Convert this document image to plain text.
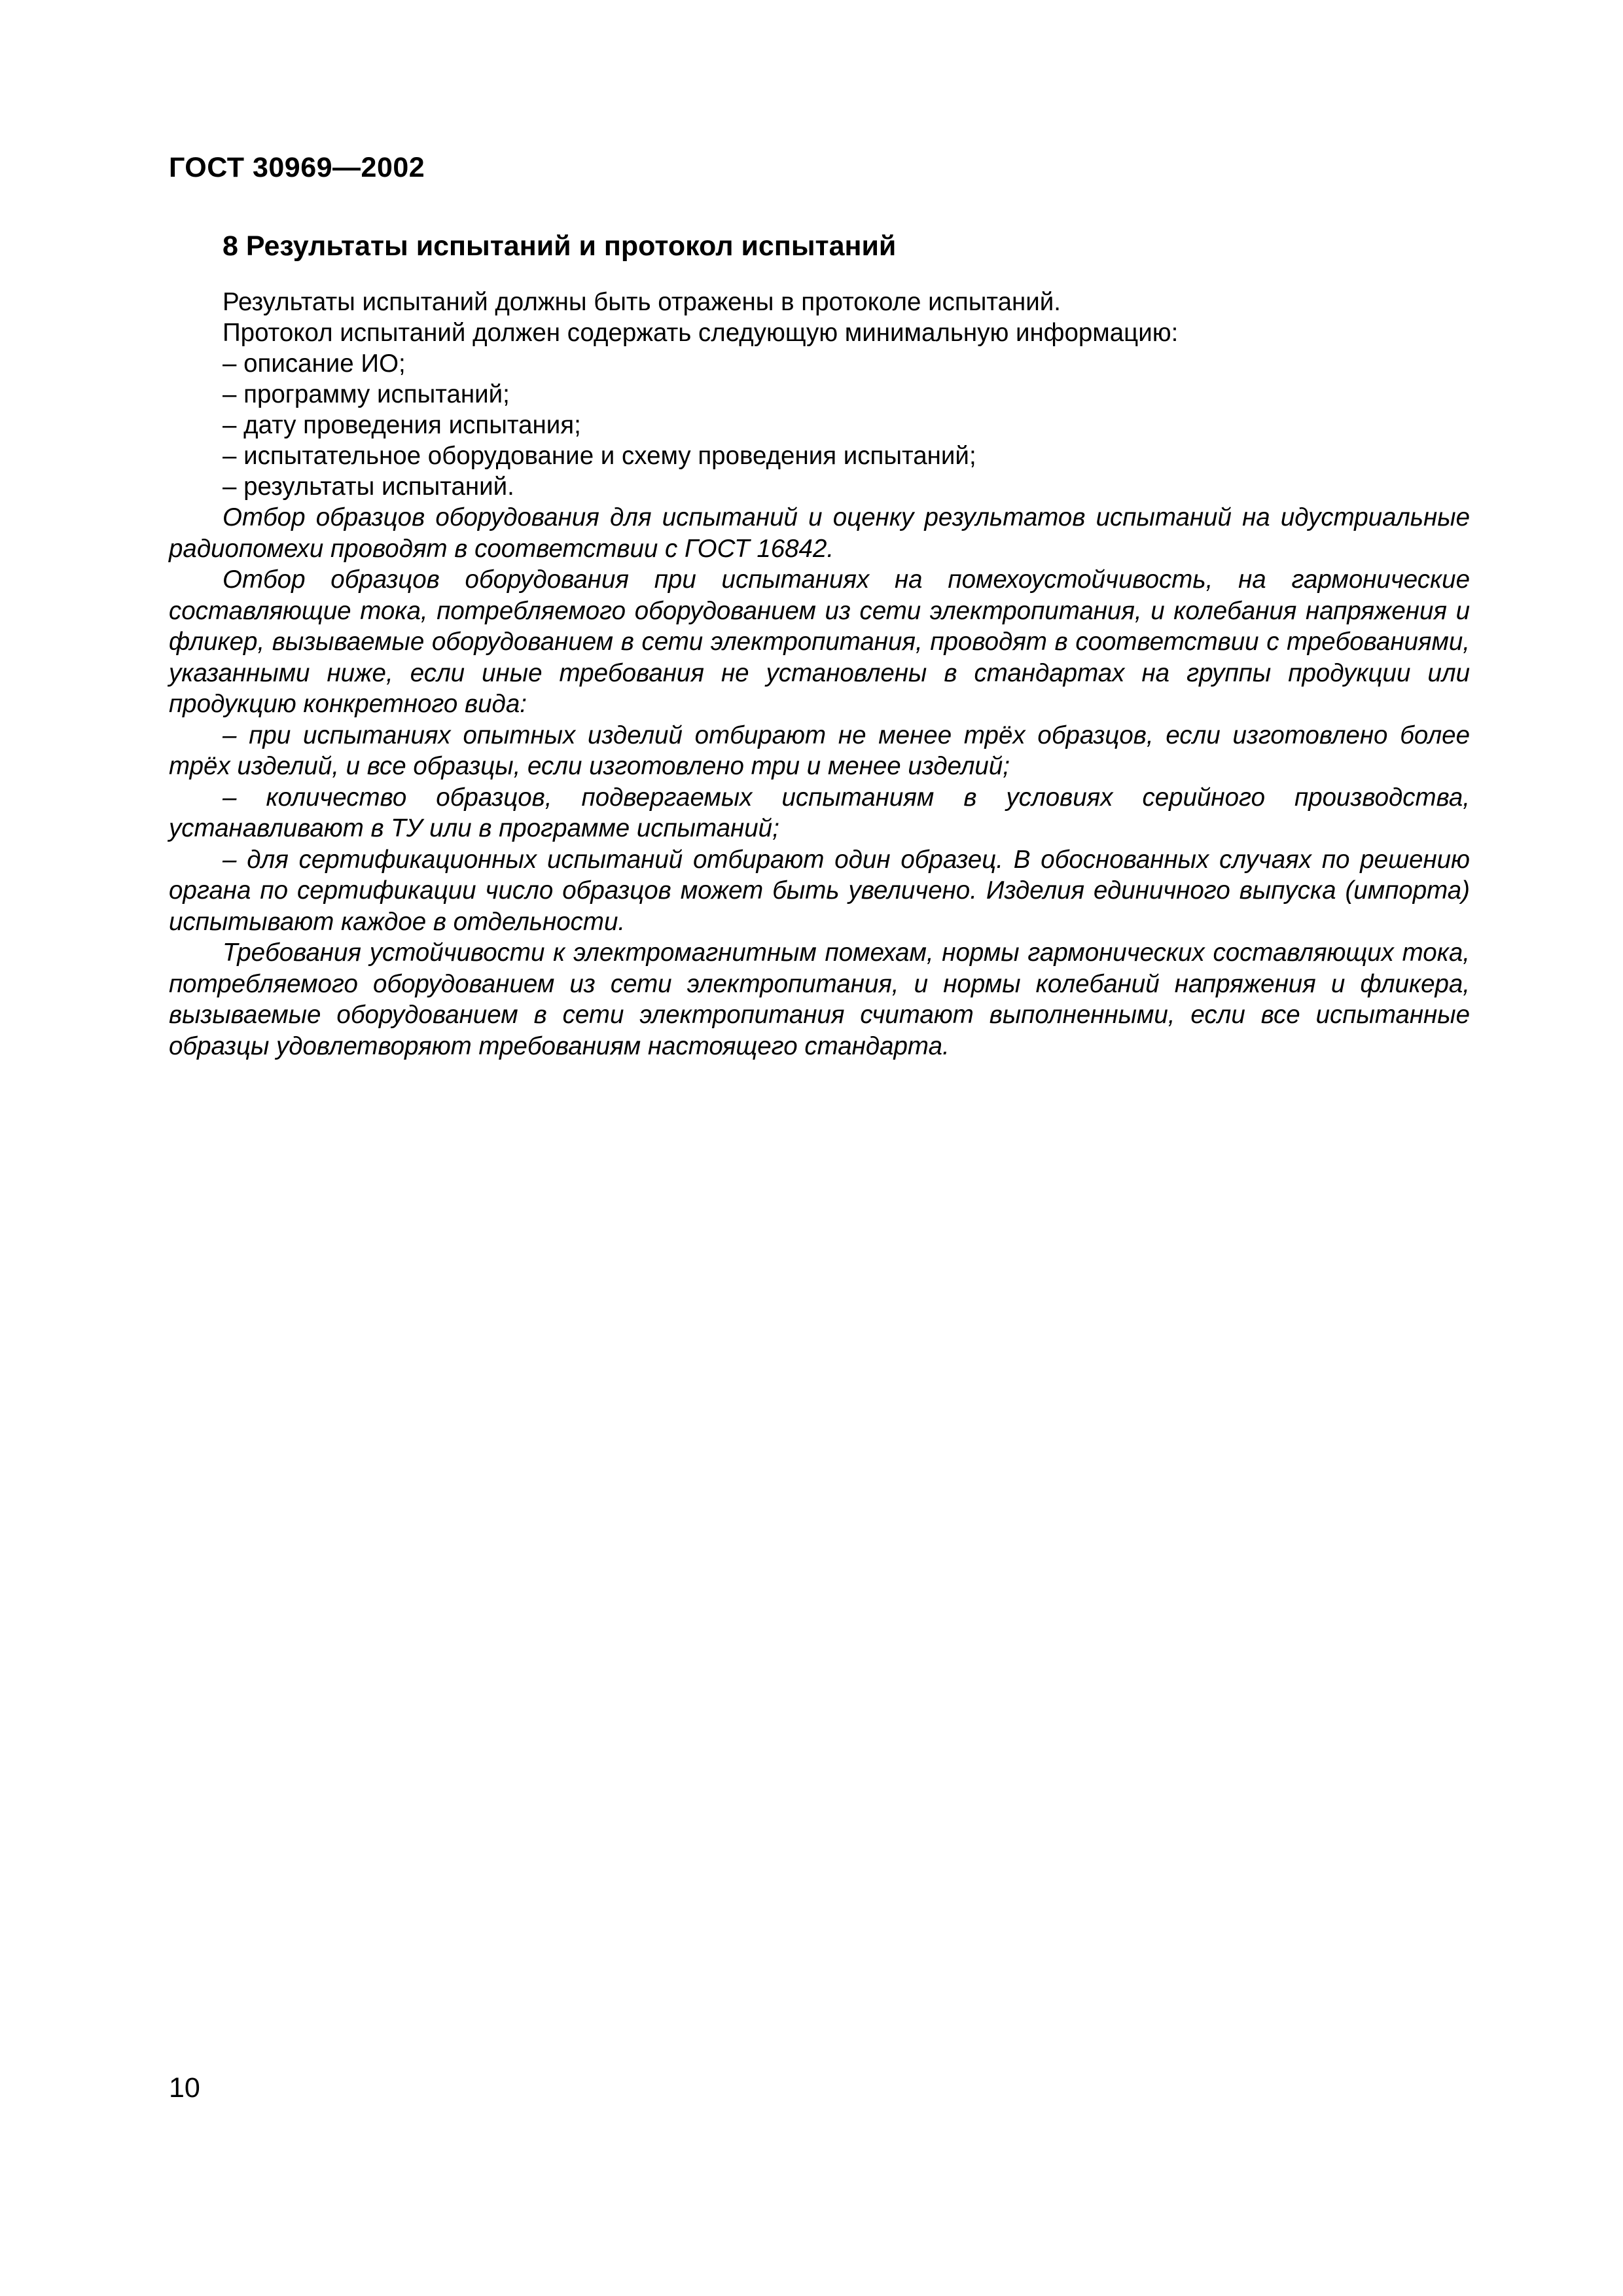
ГОСТ 30969—2002
8 Результаты испытаний и протокол испытаний

Результаты испытаний должны быть отражены в протоколе испытаний.

Протокол испытаний должен содержать следующую минимальную информацию:

– описание ИО;

– программу испытаний;

– дату проведения испытания;

– испытательное оборудование и схему проведения испытаний;

– результаты испытаний.

Отбор образцов оборудования для испытаний и оценку результатов испытаний на идустриальные радиопомехи проводят в соответствии с ГОСТ 16842.

Отбор образцов оборудования при испытаниях на помехоустойчивость, на гармонические составляющие тока, потребляемого оборудованием из сети электропитания, и колебания напряжения и фликер, вызываемые оборудованием в сети электропитания, проводят в соответствии с требованиями, указанными ниже, если иные требования не установлены в стандартах на группы продукции или продукцию конкретного вида:

– при испытаниях опытных изделий отбирают не менее трёх образцов, если изготовлено более трёх изделий, и все образцы, если изготовлено три и менее изделий;

– количество образцов, подвергаемых испытаниям в условиях серийного производства, устанавливают в ТУ или в программе испытаний;

– для сертификационных испытаний отбирают один образец. В обоснованных случаях по решению органа по сертификации число образцов может быть увеличено. Изделия единичного выпуска (импорта) испытывают каждое в отдельности.

Требования устойчивости к электромагнитным помехам, нормы гармонических составляющих тока, потребляемого оборудованием из сети электропитания, и нормы колебаний напряжения и фликера, вызываемые оборудованием в сети электропитания считают выполненными, если все испытанные образцы удовлетворяют требованиям настоящего стандарта.

10
